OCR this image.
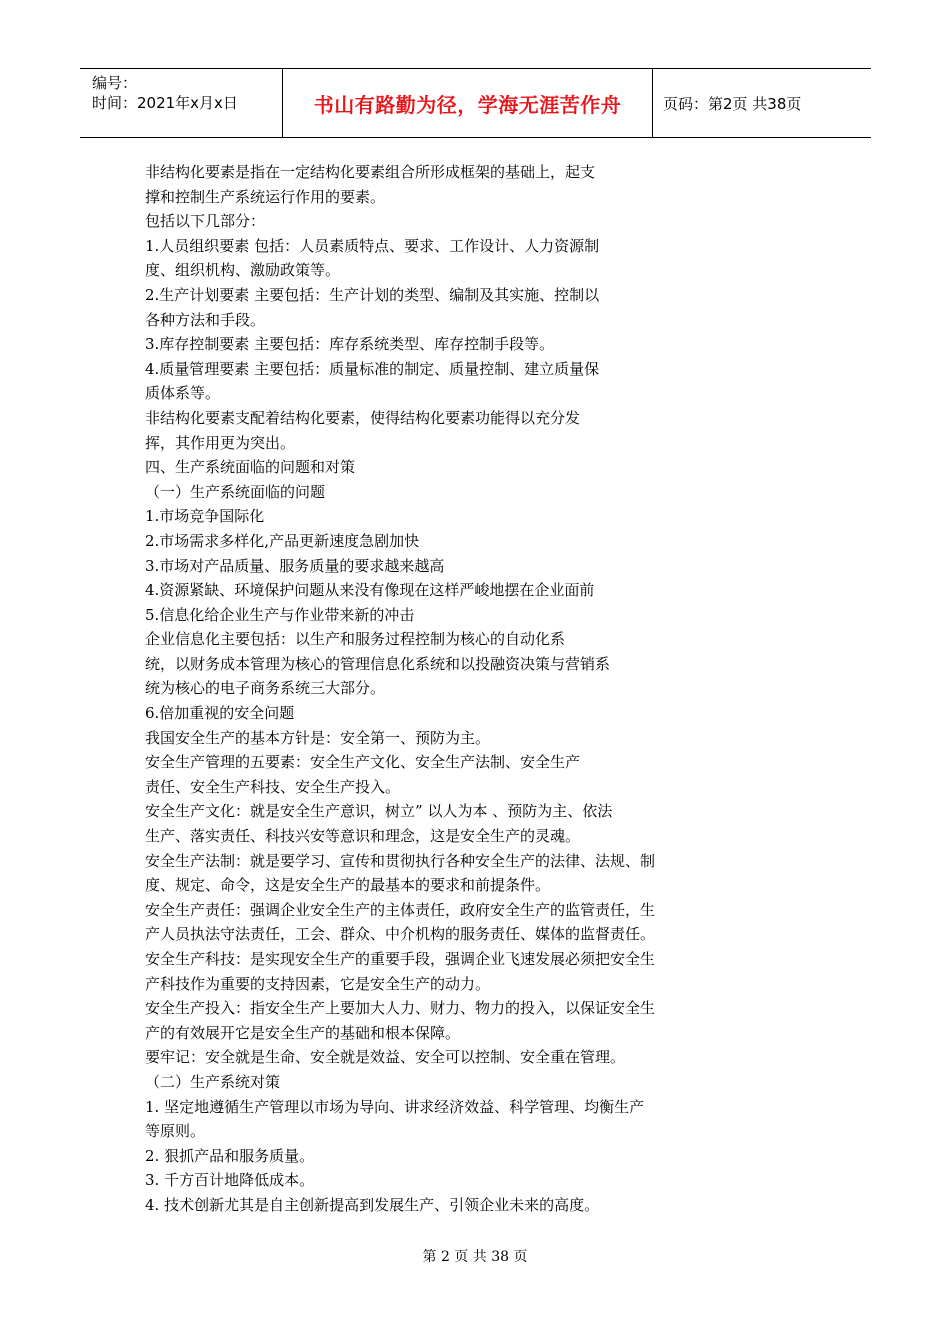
编号：
时间：2021年x月x日	书山有路勤为径，学海无涯苦作舟	页码：第2页 共38页
非结构化要素是指在一定结构化要素组合所形成框架的基础上，起支
撑和控制生产系统运行作用的要素。
包括以下几部分：
1.人员组织要素 包括：人员素质特点、要求、工作设计、人力资源制
度、组织机构、激励政策等。
2.生产计划要素 主要包括：生产计划的类型、编制及其实施、控制以
各种方法和手段。
3.库存控制要素 主要包括：库存系统类型、库存控制手段等。
4.质量管理要素 主要包括：质量标准的制定、质量控制、建立质量保
质体系等。
非结构化要素支配着结构化要素，使得结构化要素功能得以充分发
挥，其作用更为突出。
四、生产系统面临的问题和对策
（一）生产系统面临的问题
1.市场竞争国际化
2.市场需求多样化,产品更新速度急剧加快
3.市场对产品质量、服务质量的要求越来越高
4.资源紧缺、环境保护问题从来没有像现在这样严峻地摆在企业面前
5.信息化给企业生产与作业带来新的冲击
企业信息化主要包括：以生产和服务过程控制为核心的自动化系
统，以财务成本管理为核心的管理信息化系统和以投融资决策与营销系
统为核心的电子商务系统三大部分。
6.倍加重视的安全问题
我国安全生产的基本方针是：安全第一、预防为主。
安全生产管理的五要素：安全生产文化、安全生产法制、安全生产
责任、安全生产科技、安全生产投入。
安全生产文化：就是安全生产意识，树立” 以人为本 、预防为主、依法
生产、落实责任、科技兴安等意识和理念，这是安全生产的灵魂。
安全生产法制：就是要学习、宣传和贯彻执行各种安全生产的法律、法规、制
度、规定、命令，这是安全生产的最基本的要求和前提条件。
安全生产责任：强调企业安全生产的主体责任，政府安全生产的监管责任，生
产人员执法守法责任，工会、群众、中介机构的服务责任、媒体的监督责任。
安全生产科技：是实现安全生产的重要手段，强调企业飞速发展必须把安全生
产科技作为重要的支持因素，它是安全生产的动力。
安全生产投入：指安全生产上要加大人力、财力、物力的投入，以保证安全生
产的有效展开它是安全生产的基础和根本保障。
要牢记：安全就是生命、安全就是效益、安全可以控制、安全重在管理。
（二）生产系统对策
1. 坚定地遵循生产管理以市场为导向、讲求经济效益、科学管理、均衡生产
等原则。
2. 狠抓产品和服务质量。
3. 千方百计地降低成本。
4. 技术创新尤其是自主创新提高到发展生产、引领企业未来的高度。
第 2 页 共 38 页
